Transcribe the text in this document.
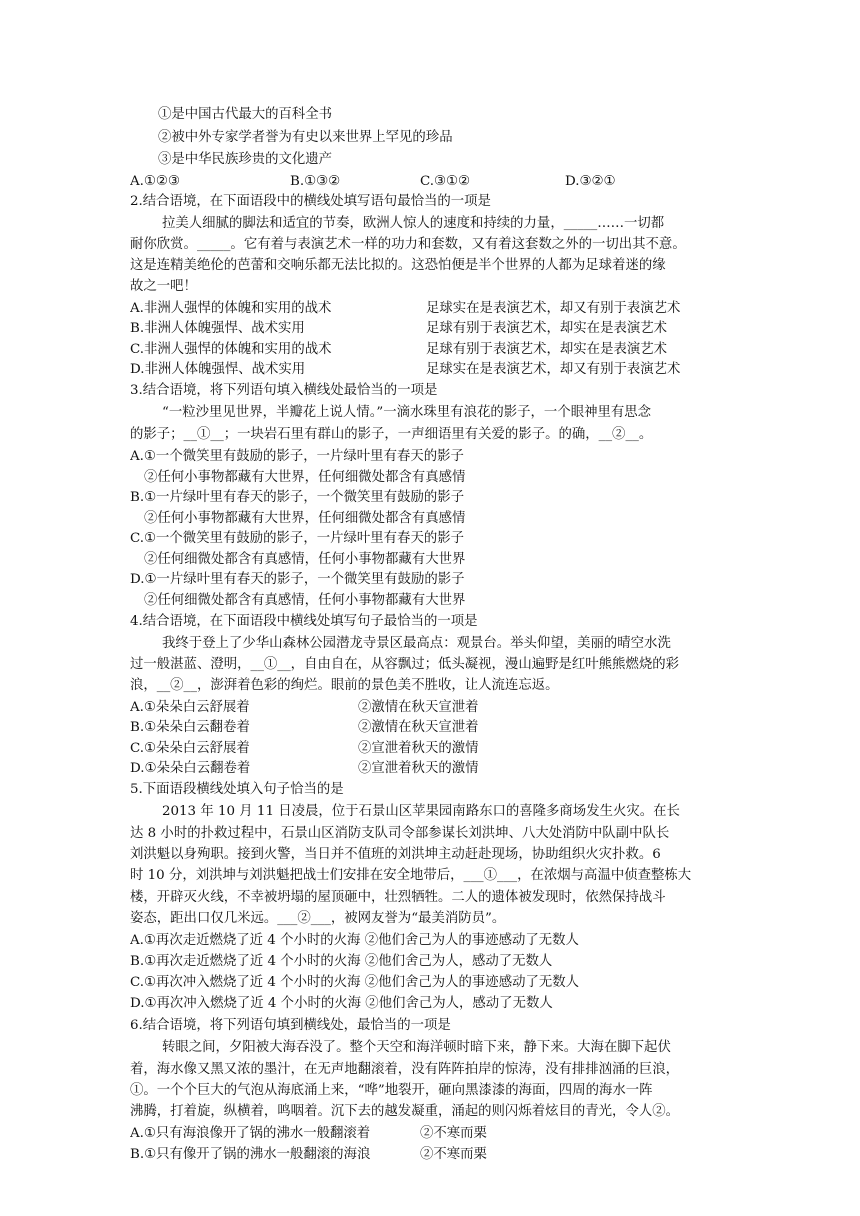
①是中国古代最大的百科全书
②被中外专家学者誉为有史以来世界上罕见的珍品
③是中华民族珍贵的文化遗产
A.①②③	B.①③②	C.③①②	D.③②①
2.结合语境，在下面语段中的横线处填写语句最恰当的一项是
拉美人细腻的脚法和适宜的节奏，欧洲人惊人的速度和持续的力量，_____……一切都
耐你欣赏。_____。它有着与表演艺术一样的功力和套数，又有着这套数之外的一切出其不意。
这是连精美绝伦的芭蕾和交响乐都无法比拟的。这恐怕便是半个世界的人都为足球着迷的缘
故之一吧！
A.非洲人强悍的体魄和实用的战术	足球实在是表演艺术，却又有别于表演艺术
B.非洲人体魄强悍、战术实用	足球有别于表演艺术，却实在是表演艺术
C.非洲人强悍的体魄和实用的战术	足球有别于表演艺术，却实在是表演艺术
D.非洲人体魄强悍、战术实用	足球实在是表演艺术，却又有别于表演艺术
3.结合语境，将下列语句填入横线处最恰当的一项是
“一粒沙里见世界，半瓣花上说人情。”一滴水珠里有浪花的影子，一个眼神里有思念
的影子；__①__；一块岩石里有群山的影子，一声细语里有关爱的影子。的确，__②__。
A.①一个微笑里有鼓励的影子，一片绿叶里有春天的影子
②任何小事物都藏有大世界，任何细微处都含有真感情
B.①一片绿叶里有春天的影子，一个微笑里有鼓励的影子
②任何小事物都藏有大世界，任何细微处都含有真感情
C.①一个微笑里有鼓励的影子，一片绿叶里有春天的影子
②任何细微处都含有真感情，任何小事物都藏有大世界
D.①一片绿叶里有春天的影子，一个微笑里有鼓励的影子
②任何细微处都含有真感情，任何小事物都藏有大世界
4.结合语境，在下面语段中横线处填写句子最恰当的一项是
我终于登上了少华山森林公园潜龙寺景区最高点：观景台。举头仰望，美丽的晴空水洗
过一般湛蓝、澄明，__①__，自由自在，从容飘过；低头凝视，漫山遍野是红叶熊熊燃烧的彩
浪，__②__，澎湃着色彩的绚烂。眼前的景色美不胜收，让人流连忘返。
A.①朵朵白云舒展着	②激情在秋天宣泄着
B.①朵朵白云翻卷着	②激情在秋天宣泄着
C.①朵朵白云舒展着	②宣泄着秋天的激情
D.①朵朵白云翻卷着	②宣泄着秋天的激情
5.下面语段横线处填入句子恰当的是
2013 年 10 月 11 日凌晨，位于石景山区苹果园南路东口的喜隆多商场发生火灾。在长
达 8 小时的扑救过程中，石景山区消防支队司令部参谋长刘洪坤、八大处消防中队副中队长
刘洪魁以身殉职。接到火警，当日并不值班的刘洪坤主动赶赴现场，协助组织火灾扑救。6
时 10 分，刘洪坤与刘洪魁把战士们安排在安全地带后，___①___，在浓烟与高温中侦查整栋大
楼，开辟灭火线，不幸被坍塌的屋顶砸中，壮烈牺牲。二人的遗体被发现时，依然保持战斗
姿态，距出口仅几米远。___②___，被网友誉为“最美消防员”。
A.①再次走近燃烧了近 4 个小时的火海 ②他们舍己为人的事迹感动了无数人
B.①再次走近燃烧了近 4 个小时的火海 ②他们舍己为人，感动了无数人
C.①再次冲入燃烧了近 4 个小时的火海 ②他们舍己为人的事迹感动了无数人
D.①再次冲入燃烧了近 4 个小时的火海 ②他们舍己为人，感动了无数人
6.结合语境，将下列语句填到横线处，最恰当的一项是
转眼之间，夕阳被大海吞没了。整个天空和海洋顿时暗下来，静下来。大海在脚下起伏
着，海水像又黑又浓的墨汁，在无声地翻滚着，没有阵阵拍岸的惊涛，没有排排汹涌的巨浪，
①。一个个巨大的气泡从海底涌上来，“哗”地裂开，砸向黑漆漆的海面，四周的海水一阵
沸腾，打着旋，纵横着，鸣咽着。沉下去的越发凝重，涌起的则闪烁着炫目的青光，令人②。
A.①只有海浪像开了锅的沸水一般翻滚着	②不寒而栗
B.①只有像开了锅的沸水一般翻滚的海浪	②不寒而栗
